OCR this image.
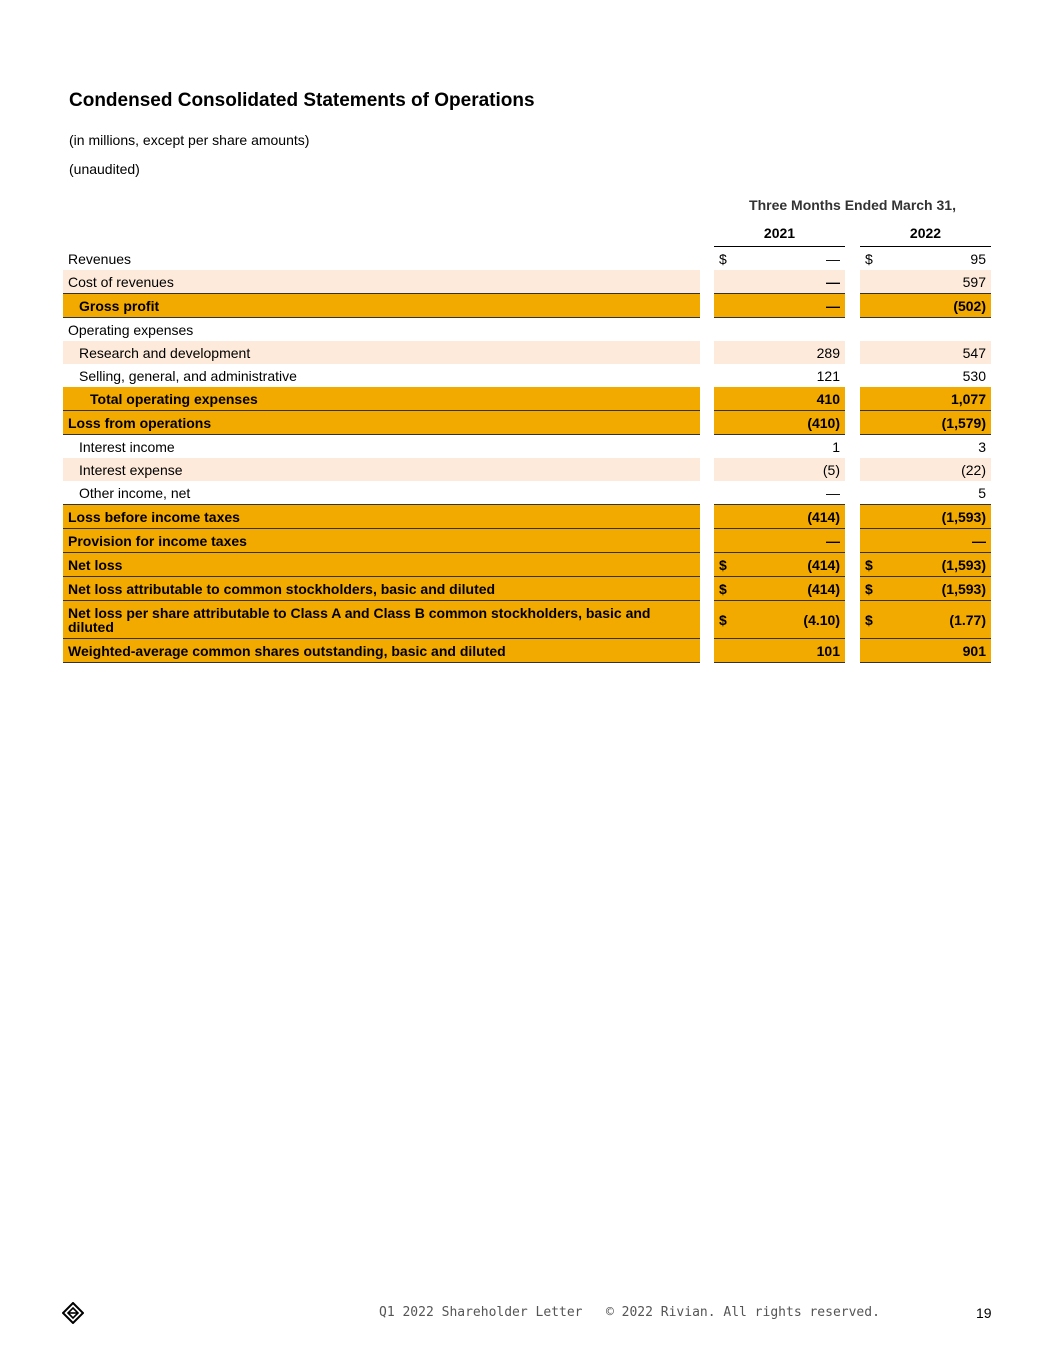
Condensed Consolidated Statements of Operations
(in millions, except per share amounts)
(unaudited)
Three Months Ended March 31,
2021	2022
Revenues		$	—		$	95
Cost of revenues			—			597
Gross profit			—			(502)
Operating expenses						
Research and development			289			547
Selling, general, and administrative			121			530
Total operating expenses			410			1,077
Loss from operations			(410)			(1,579)
Interest income			1			3
Interest expense			(5)			(22)
Other income, net			—			5
Loss before income taxes			(414)			(1,593)
Provision for income taxes			—			—
Net loss		$	(414)		$	(1,593)
Net loss attributable to common stockholders, basic and diluted		$	(414)		$	(1,593)
Net loss per share attributable to Class A and Class B common stockholders, basic and diluted		$	(4.10)		$	(1.77)
Weighted-average common shares outstanding, basic and diluted			101			901
Q1 2022 Shareholder Letter   © 2022 Rivian. All rights reserved.	19
